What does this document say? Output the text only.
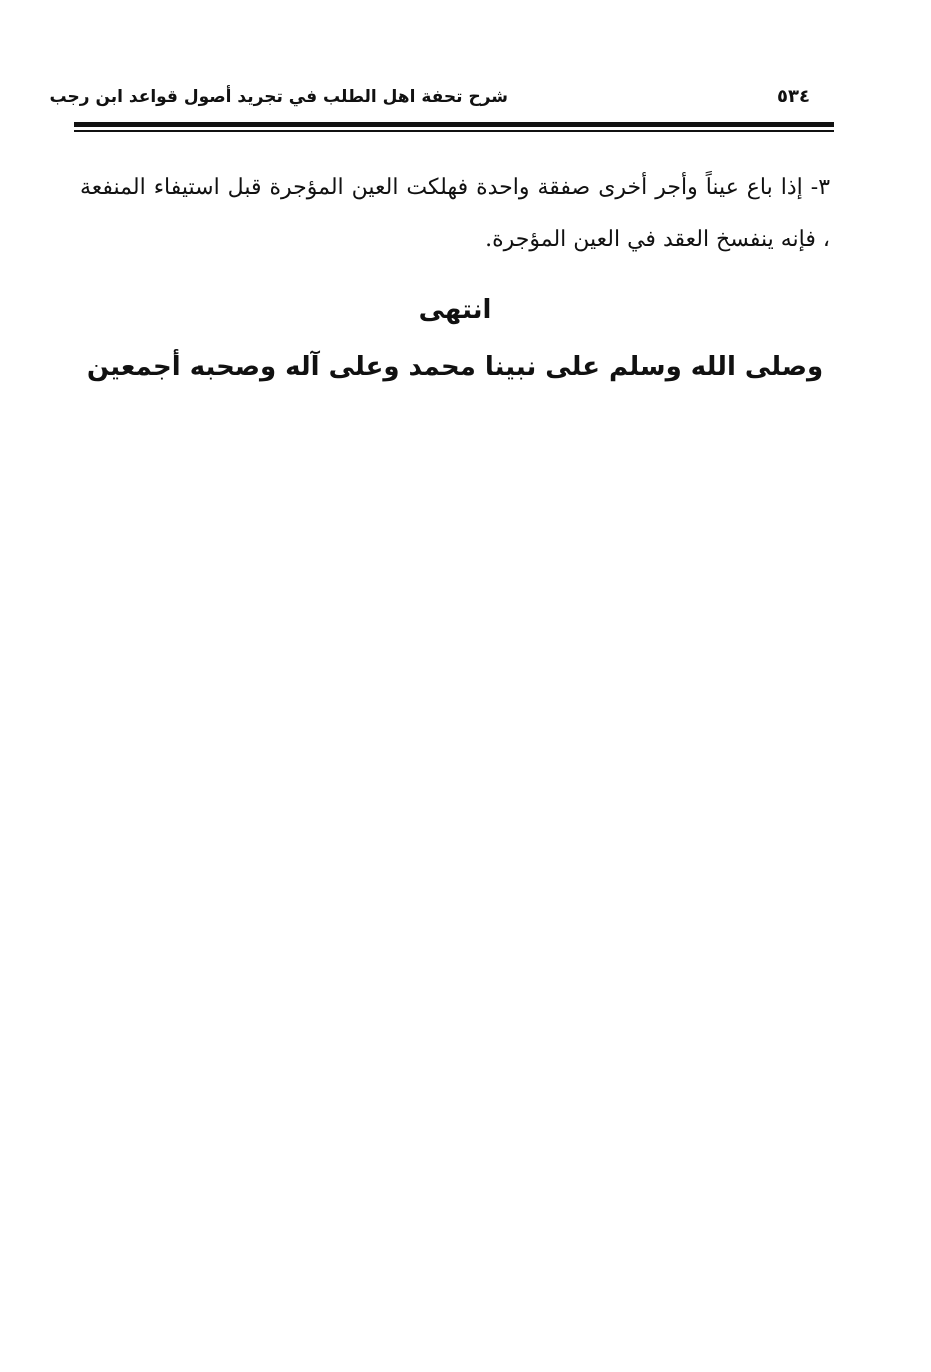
شرح تحفة اهل الطلب في تجريد أصول قواعد ابن رجب	٥٣٤

٣- إذا باع عيناً وأجر أخرى صفقة واحدة فهلكت العين المؤجرة قبل استيفاء المنفعة ، فإنه ينفسخ العقد في العين المؤجرة.

انتهى
وصلى الله وسلم على نبينا محمد وعلى آله وصحبه أجمعين
